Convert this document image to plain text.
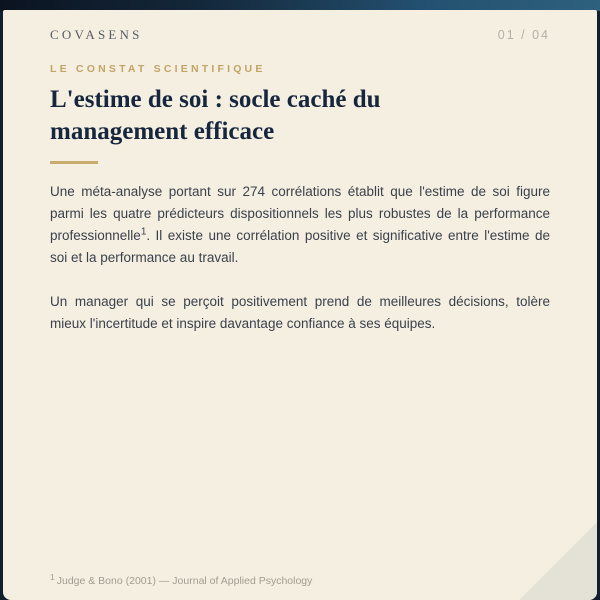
COVASENS	01 / 04
LE CONSTAT SCIENTIFIQUE
L'estime de soi : socle caché du management efficace

Une méta-analyse portant sur 274 corrélations établit que l'estime de soi figure parmi les quatre prédicteurs dispositionnels les plus robustes de la performance professionnelle$^1$. Il existe une corrélation positive et significative entre l'estime de soi et la performance au travail.

Un manager qui se perçoit positivement prend de meilleures décisions, tolère mieux l'incertitude et inspire davantage confiance à ses équipes.

$^1$ Judge & Bono (2001) — Journal of Applied Psychology
